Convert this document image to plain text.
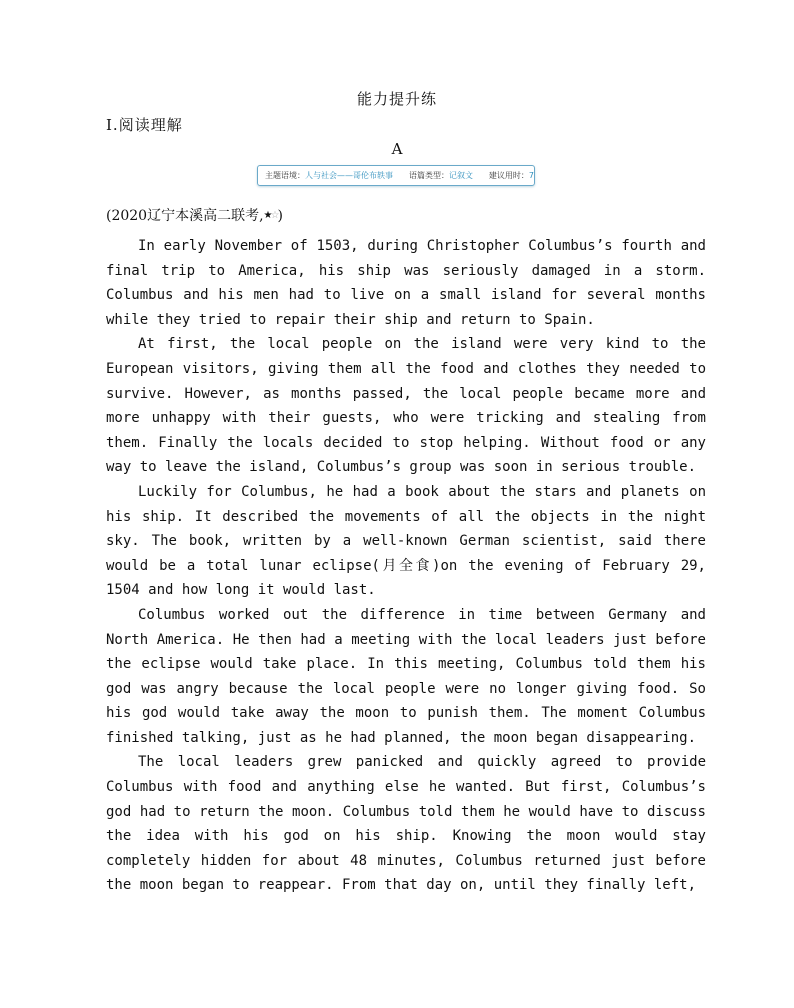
能力提升练
Ⅰ.阅读理解
A
主题语境： 人与社会——哥伦布轶事 语篇类型： 记叙文 建议用时： 7
(2020辽宁本溪高二联考,★☆)

In early November of 1503, during Christopher Columbus’s fourth and final trip to America, his ship was seriously damaged in a storm. Columbus and his men had to live on a small island for several months while they tried to repair their ship and return to Spain.

At first, the local people on the island were very kind to the European visitors, giving them all the food and clothes they needed to survive. However, as months passed, the local people became more and more unhappy with their guests, who were tricking and stealing from them. Finally the locals decided to stop helping. Without food or any way to leave the island, Columbus’s group was soon in serious trouble.

Luckily for Columbus, he had a book about the stars and planets on his ship. It described the movements of all the objects in the night sky. The book, written by a well-known German scientist, said there would be a total lunar eclipse(月全食)on the evening of February 29, 1504 and how long it would last.

Columbus worked out the difference in time between Germany and North America. He then had a meeting with the local leaders just before the eclipse would take place. In this meeting, Columbus told them his god was angry because the local people were no longer giving food. So his god would take away the moon to punish them. The moment Columbus finished talking, just as he had planned, the moon began disappearing.

The local leaders grew panicked and quickly agreed to provide Columbus with food and anything else he wanted. But first, Columbus’s god had to return the moon. Columbus told them he would have to discuss the idea with his god on his ship. Knowing the moon would stay completely hidden for about 48 minutes, Columbus returned just before the moon began to reappear. From that day on, until they finally left,
